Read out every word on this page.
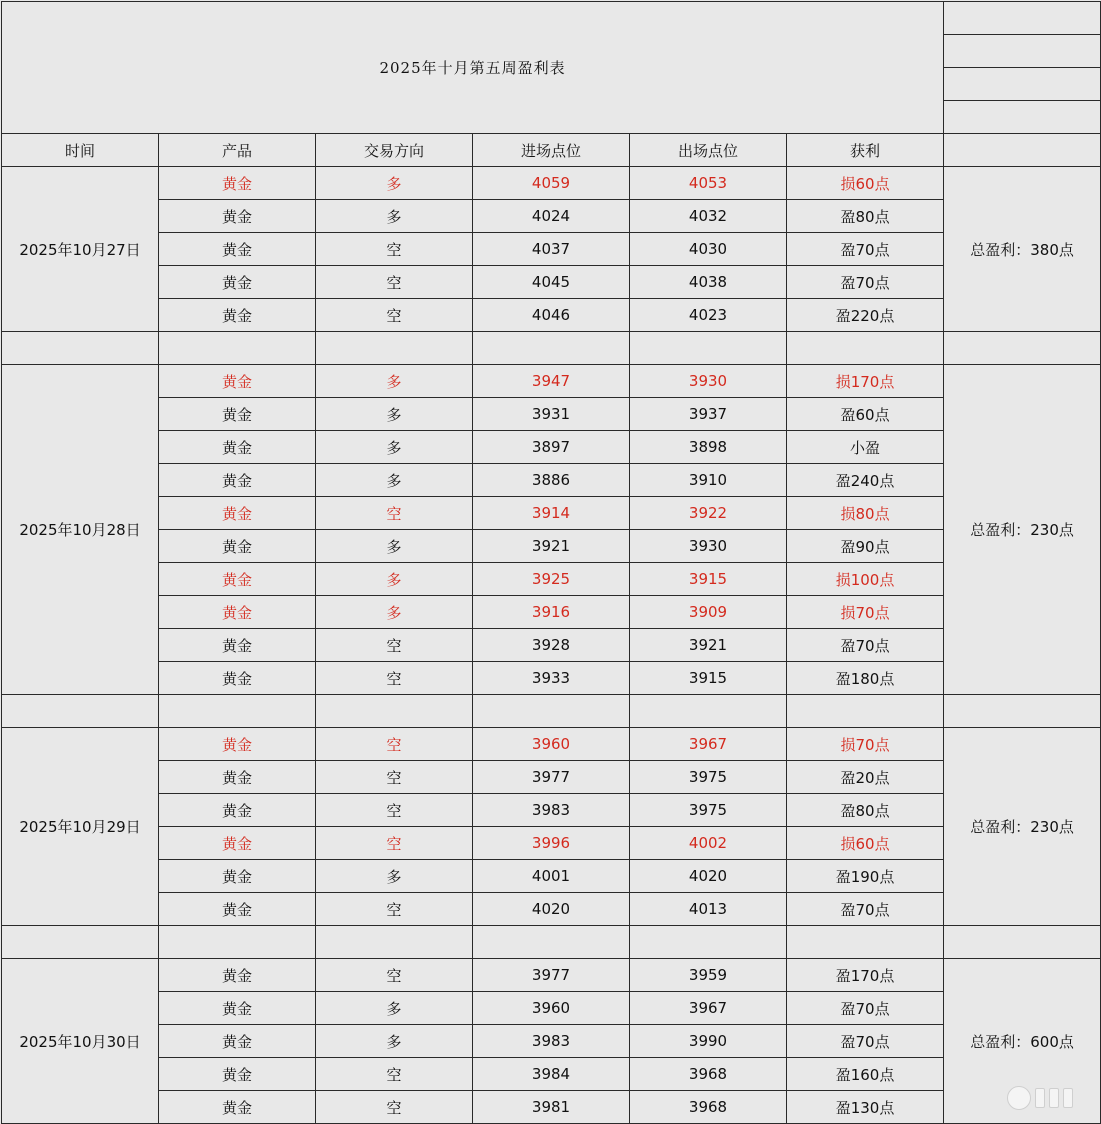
2025年十月第五周盈利表						

时间	产品	交易方向	进场点位	出场点位	获利	
2025年10月27日	黄金	多	4059	4053	损60点	总盈利：380点
	黄金	多	4024	4032	盈80点	
	黄金	空	4037	4030	盈70点	
	黄金	空	4045	4038	盈70点	
	黄金	空	4046	4023	盈220点	

2025年10月28日	黄金	多	3947	3930	损170点	总盈利：230点
	黄金	多	3931	3937	盈60点	
	黄金	多	3897	3898	小盈	
	黄金	多	3886	3910	盈240点	
	黄金	空	3914	3922	损80点	
	黄金	多	3921	3930	盈90点	
	黄金	多	3925	3915	损100点	
	黄金	多	3916	3909	损70点	
	黄金	空	3928	3921	盈70点	
	黄金	空	3933	3915	盈180点	

2025年10月29日	黄金	空	3960	3967	损70点	总盈利：230点
	黄金	空	3977	3975	盈20点	
	黄金	空	3983	3975	盈80点	
	黄金	空	3996	4002	损60点	
	黄金	多	4001	4020	盈190点	
	黄金	空	4020	4013	盈70点	

2025年10月30日	黄金	空	3977	3959	盈170点	总盈利：600点
	黄金	多	3960	3967	盈70点	
	黄金	多	3983	3990	盈70点	
	黄金	空	3984	3968	盈160点	
	黄金	空	3981	3968	盈130点	
